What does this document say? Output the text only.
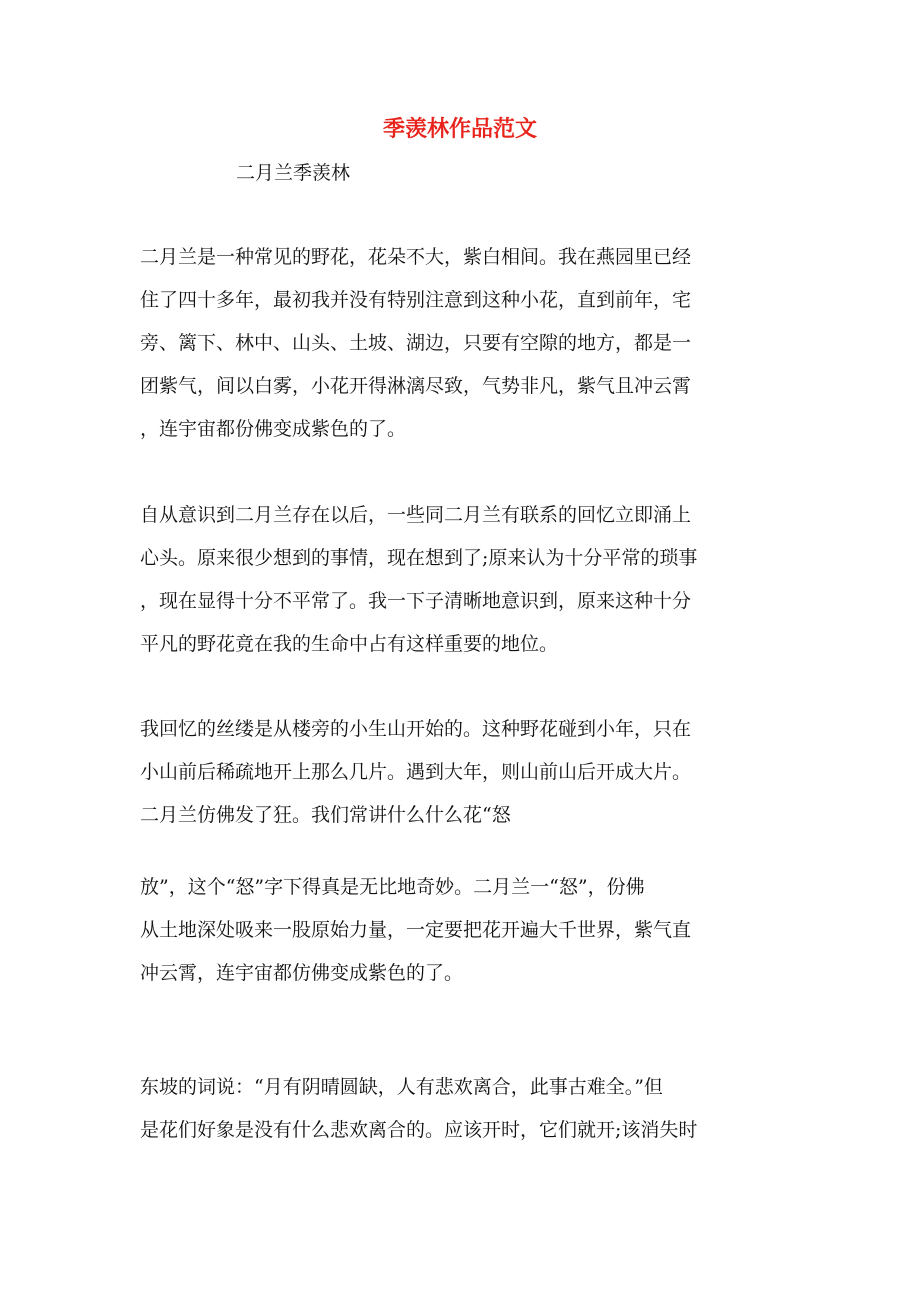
季羡林作品范文

二月兰季羡林

二月兰是一种常见的野花，花朵不大，紫白相间。我在燕园里已经
住了四十多年，最初我并没有特别注意到这种小花，直到前年，宅
旁、篱下、林中、山头、土坡、湖边，只要有空隙的地方，都是一
团紫气，间以白雾，小花开得淋漓尽致，气势非凡，紫气且冲云霄
，连宇宙都份佛变成紫色的了。
自从意识到二月兰存在以后，一些同二月兰有联系的回忆立即涌上
心头。原来很少想到的事情，现在想到了;原来认为十分平常的琐事
，现在显得十分不平常了。我一下子清晰地意识到，原来这种十分
平凡的野花竟在我的生命中占有这样重要的地位。
我回忆的丝缕是从楼旁的小生山开始的。这种野花碰到小年，只在
小山前后稀疏地开上那么几片。遇到大年，则山前山后开成大片。
二月兰仿佛发了狂。我们常讲什么什么花“怒
放”，这个“怒”字下得真是无比地奇妙。二月兰一“怒”，份佛
从土地深处吸来一股原始力量，一定要把花开遍大千世界，紫气直
冲云霄，连宇宙都仿佛变成紫色的了。
东坡的词说：“月有阴晴圆缺，人有悲欢离合，此事古难全。”但
是花们好象是没有什么悲欢离合的。应该开时，它们就开;该消失时
